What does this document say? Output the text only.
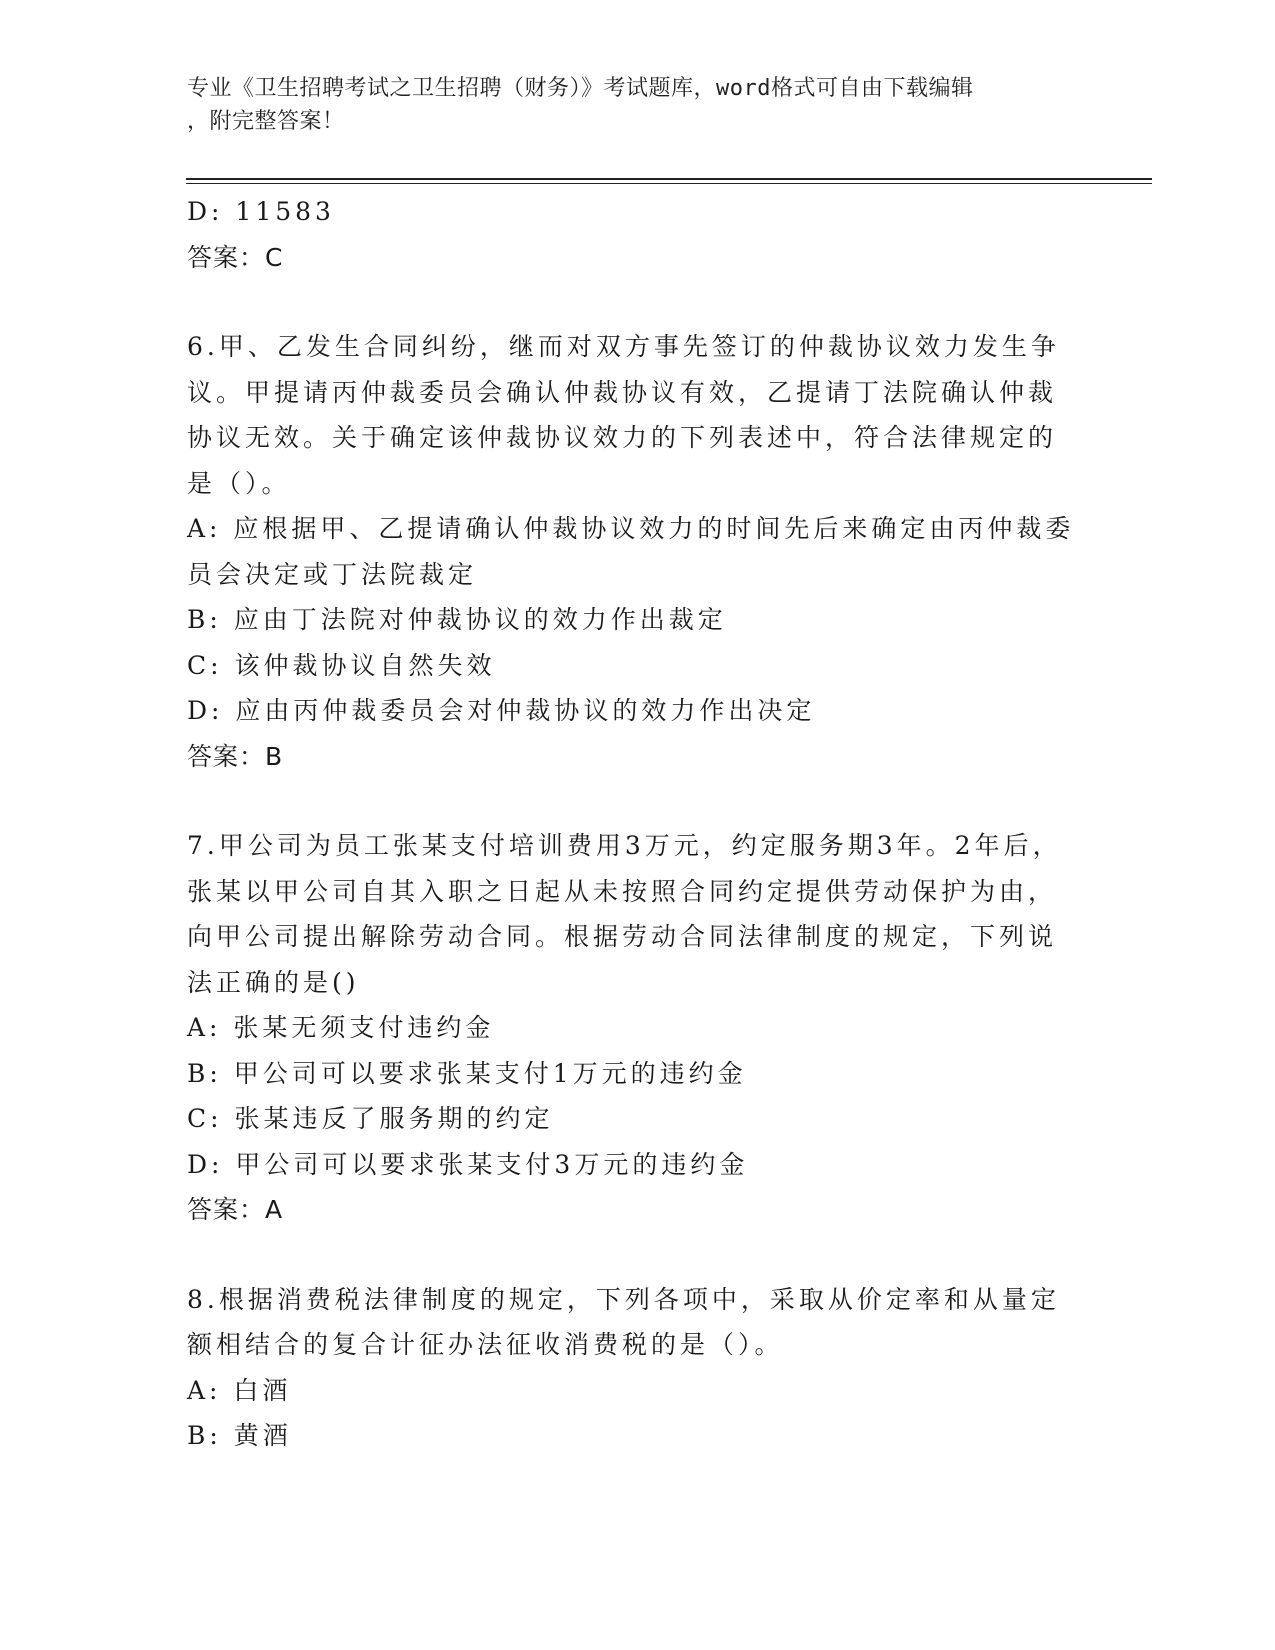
专业《卫生招聘考试之卫生招聘（财务）》考试题库，word格式可自由下载编辑
，附完整答案！
D: 11583
答案：C
6.甲、乙发生合同纠纷，继而对双方事先签订的仲裁协议效力发生争
议。甲提请丙仲裁委员会确认仲裁协议有效，乙提请丁法院确认仲裁
协议无效。关于确定该仲裁协议效力的下列表述中，符合法律规定的
是（）。
A: 应根据甲、乙提请确认仲裁协议效力的时间先后来确定由丙仲裁委
员会决定或丁法院裁定
B: 应由丁法院对仲裁协议的效力作出裁定
C: 该仲裁协议自然失效
D: 应由丙仲裁委员会对仲裁协议的效力作出决定
答案：B
7.甲公司为员工张某支付培训费用3万元，约定服务期3年。2年后，
张某以甲公司自其入职之日起从未按照合同约定提供劳动保护为由，
向甲公司提出解除劳动合同。根据劳动合同法律制度的规定，下列说
法正确的是()
A: 张某无须支付违约金
B: 甲公司可以要求张某支付1万元的违约金
C: 张某违反了服务期的约定
D: 甲公司可以要求张某支付3万元的违约金
答案：A
8.根据消费税法律制度的规定，下列各项中，采取从价定率和从量定
额相结合的复合计征办法征收消费税的是（）。
A: 白酒
B: 黄酒
